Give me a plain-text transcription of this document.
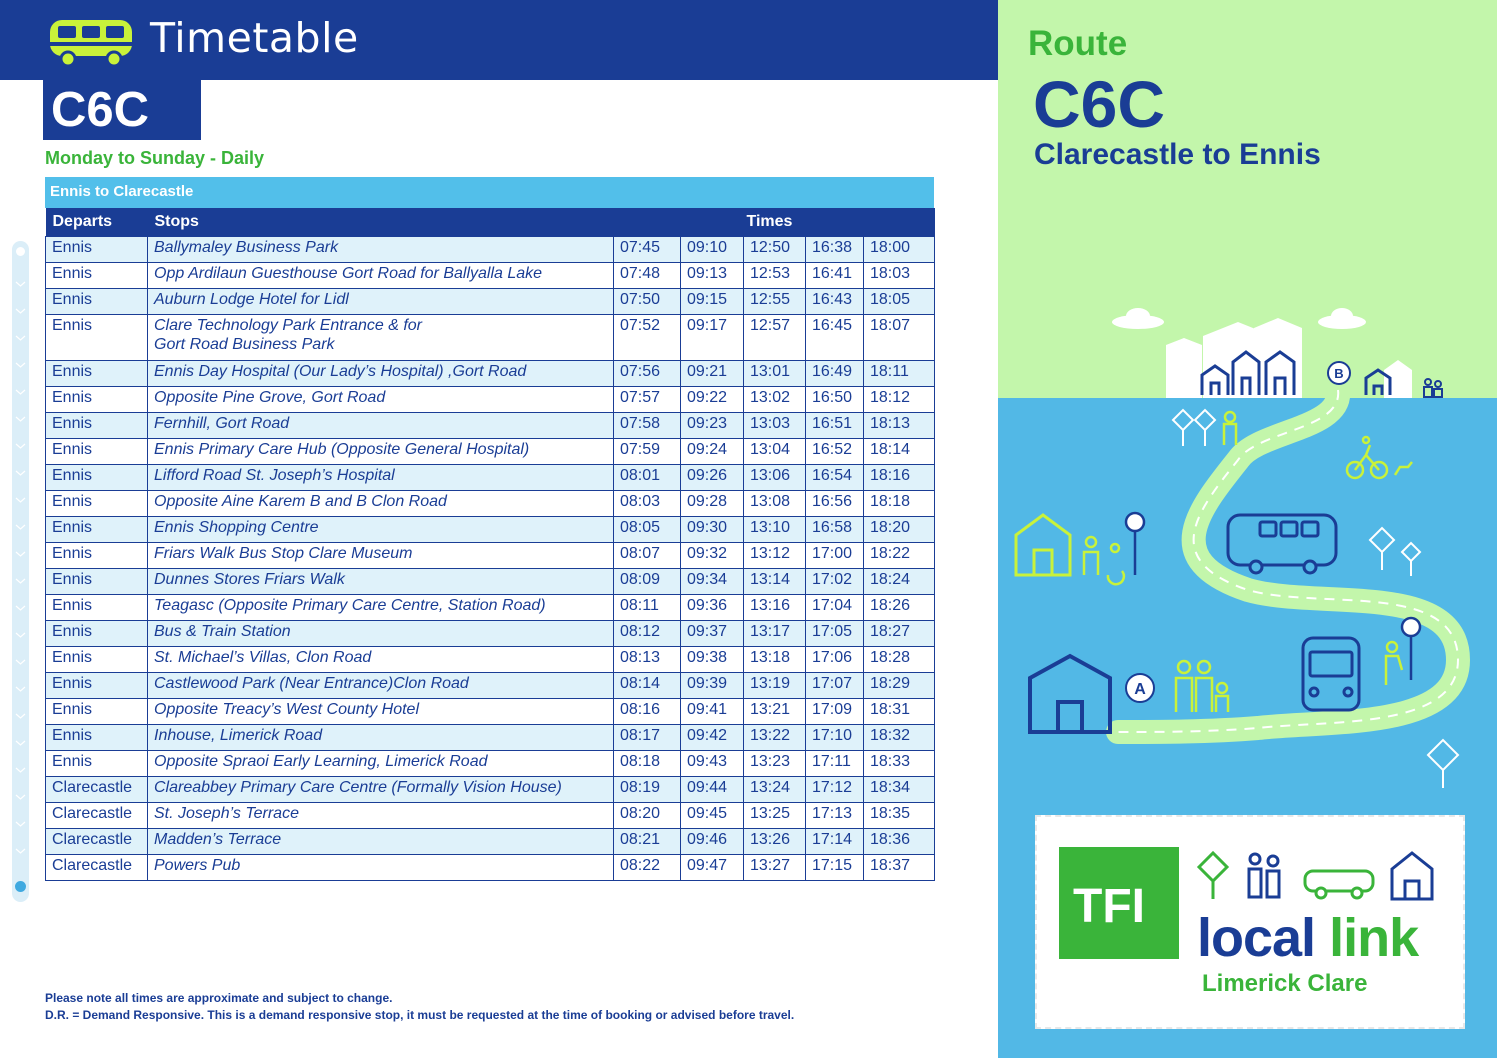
Timetable
C6C
Monday to Sunday - Daily
Ennis to Clarecastle
Departs	Stops	Times				
Ennis	Ballymaley Business Park	07:45	09:10	12:50	16:38	18:00
Ennis	Opp Ardilaun Guesthouse Gort Road for Ballyalla Lake	07:48	09:13	12:53	16:41	18:03
Ennis	Auburn Lodge Hotel for Lidl	07:50	09:15	12:55	16:43	18:05
Ennis	Clare Technology Park Entrance & for
Gort Road Business Park	07:52	09:17	12:57	16:45	18:07
Ennis	Ennis Day Hospital (Our Lady’s Hospital) ,Gort Road	07:56	09:21	13:01	16:49	18:11
Ennis	Opposite Pine Grove, Gort Road	07:57	09:22	13:02	16:50	18:12
Ennis	Fernhill, Gort Road	07:58	09:23	13:03	16:51	18:13
Ennis	Ennis Primary Care Hub (Opposite General Hospital)	07:59	09:24	13:04	16:52	18:14
Ennis	Lifford Road St. Joseph’s Hospital	08:01	09:26	13:06	16:54	18:16
Ennis	Opposite Aine Karem B and B Clon Road	08:03	09:28	13:08	16:56	18:18
Ennis	Ennis Shopping Centre	08:05	09:30	13:10	16:58	18:20
Ennis	Friars Walk Bus Stop Clare Museum	08:07	09:32	13:12	17:00	18:22
Ennis	Dunnes Stores Friars Walk	08:09	09:34	13:14	17:02	18:24
Ennis	Teagasc (Opposite Primary Care Centre, Station Road)	08:11	09:36	13:16	17:04	18:26
Ennis	Bus & Train Station	08:12	09:37	13:17	17:05	18:27
Ennis	St. Michael’s Villas, Clon Road	08:13	09:38	13:18	17:06	18:28
Ennis	Castlewood Park (Near Entrance)Clon Road	08:14	09:39	13:19	17:07	18:29
Ennis	Opposite Treacy’s West County Hotel	08:16	09:41	13:21	17:09	18:31
Ennis	Inhouse, Limerick Road	08:17	09:42	13:22	17:10	18:32
Ennis	Opposite Spraoi Early Learning, Limerick Road	08:18	09:43	13:23	17:11	18:33
Clarecastle	Clareabbey Primary Care Centre (Formally Vision House)	08:19	09:44	13:24	17:12	18:34
Clarecastle	St. Joseph’s Terrace	08:20	09:45	13:25	17:13	18:35
Clarecastle	Madden’s Terrace	08:21	09:46	13:26	17:14	18:36
Clarecastle	Powers Pub	08:22	09:47	13:27	17:15	18:37
Please note all times are approximate and subject to change.
D.R. = Demand Responsive. This is a demand responsive stop, it must be requested at the time of booking or advised before travel.
Route
C6C
Clarecastle to Ennis
B
A
TFI
local link
Limerick Clare
